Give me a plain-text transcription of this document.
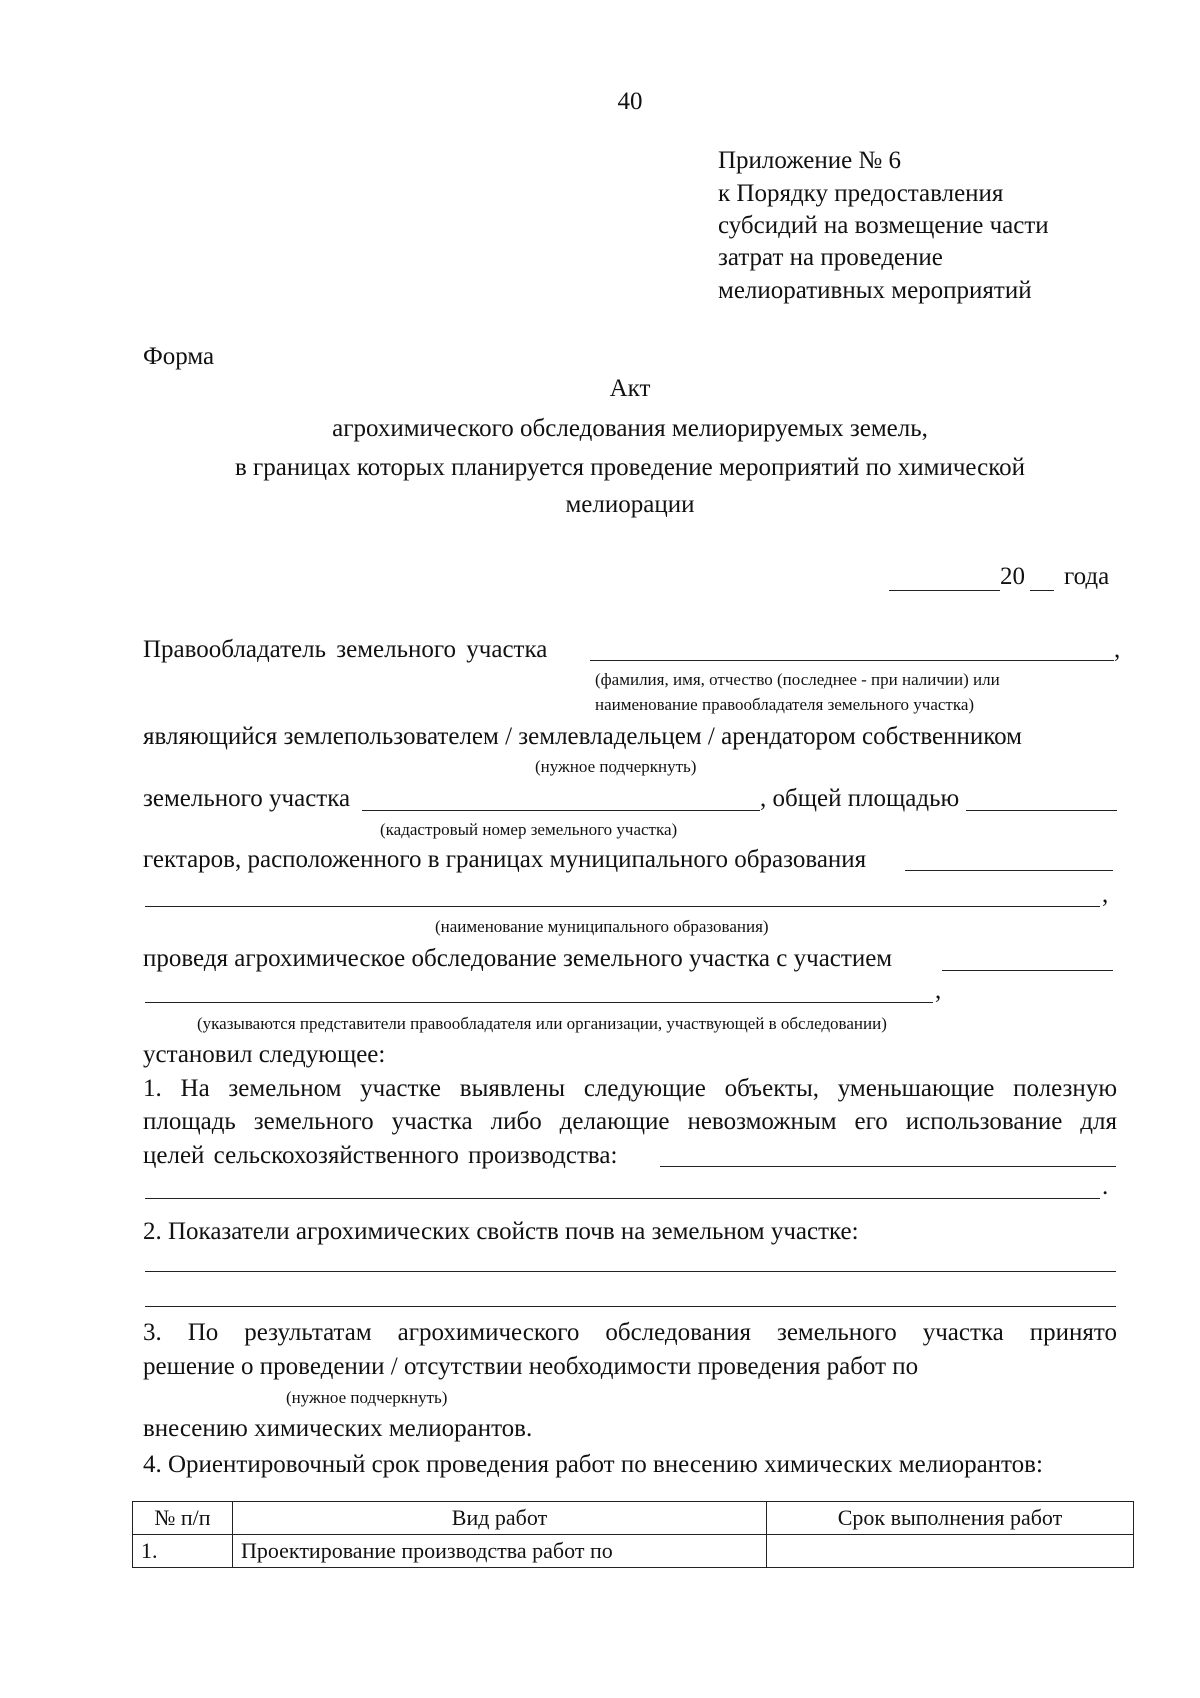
40
Приложение № 6
к Порядку предоставления
субсидий на возмещение части
затрат на проведение
мелиоративных мероприятий
Форма
Акт
агрохимического обследования мелиорируемых земель,
в границах которых планируется проведение мероприятий по химической
мелиорации
20 года
Правообладатель земельного участка	,
(фамилия, имя, отчество (последнее - при наличии) или
наименование правообладателя земельного участка)
являющийся землепользователем / землевладельцем / арендатором собственником
(нужное подчеркнуть)
земельного участка	, общей площадью
(кадастровый номер земельного участка)
гектаров, расположенного в границах муниципального образования
,
(наименование муниципального образования)
проведя агрохимическое обследование земельного участка с участием
,
(указываются представители правообладателя или организации, участвующей в обследовании)
установил следующее:
1. На земельном участке выявлены следующие объекты, уменьшающие полезную
площадь земельного участка либо делающие невозможным его использование для
целей сельскохозяйственного производства:
.
2. Показатели агрохимических свойств почв на земельном участке:
3. По результатам агрохимического обследования земельного участка принято
решение о проведении / отсутствии необходимости проведения работ по
(нужное подчеркнуть)
внесению химических мелиорантов.
4. Ориентировочный срок проведения работ по внесению химических мелиорантов:
№ п/п	Вид работ	Срок выполнения работ
1.	Проектирование производства работ по	
